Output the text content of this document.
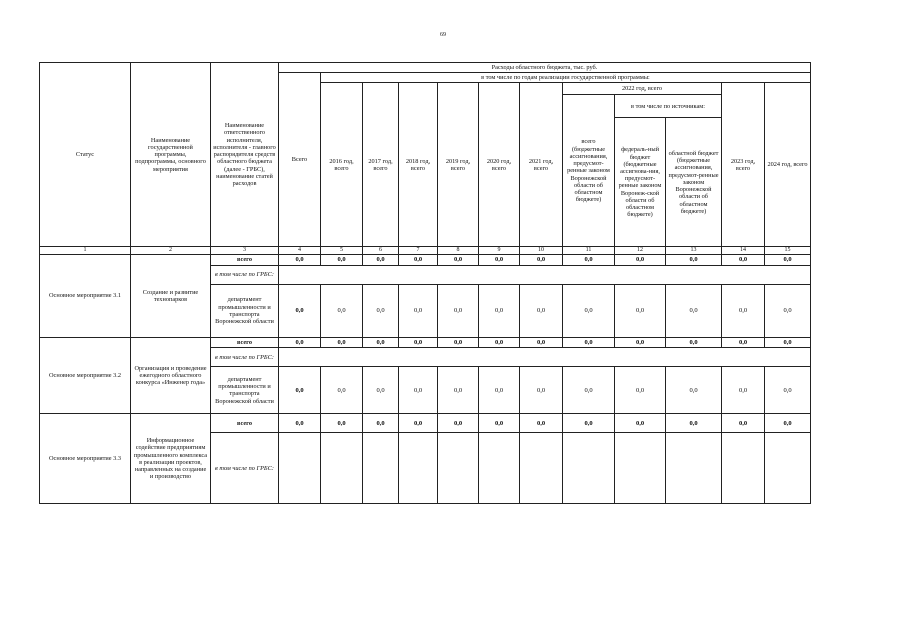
69
Статус	Наименование государственной программы, подпрограммы, основного мероприятия	Наименование ответственного исполнителя, исполнителя - главного распорядителя средств областного бюджета (далее - ГРБС), наименование статей расходов	Расходы областного бюджета, тыс. руб.											
			Всего	в том числе по годам реализации государственной программы:										
				2016 год, всего	2017 год, всего	2018 год, всего	2019 год, всего	2020 год, всего	2021 год, всего	2022 год, всего			2023 год, всего	2024 год, всего
										всего (бюджетные ассигнования, предусмот-ренные законом Воронежской области об областном бюджете)	в том числе по источникам:			
											федераль-ный бюджет (бюджетные ассигнова-ния, предусмот-ренные законом Воронеж-ской области об областном бюджете)	областной бюджет (бюджетные ассигнования, предусмот-ренные законом Воронежской области об областном бюджете)		
1	2	3	4	5	6	7	8	9	10	11	12	13	14	15
Основное мероприятие 3.1	Создание и развитие технопарков	всего	0,0	0,0	0,0	0,0	0,0	0,0	0,0	0,0	0,0	0,0	0,0	0,0
		в том числе по ГРБС:												
		департамент промышленности и транспорта Воронежской области	0,0	0,0	0,0	0,0	0,0	0,0	0,0	0,0	0,0	0,0	0,0	0,0
Основное мероприятие 3.2	Организация и проведение ежегодного областного конкурса «Инженер года»	всего	0,0	0,0	0,0	0,0	0,0	0,0	0,0	0,0	0,0	0,0	0,0	0,0
		в том числе по ГРБС:												
		департамент промышленности и транспорта Воронежской области	0,0	0,0	0,0	0,0	0,0	0,0	0,0	0,0	0,0	0,0	0,0	0,0
Основное мероприятие 3.3	Информационное содействие предприятиям промышленного комплекса в реализации проектов, направленных на создание и производство	всего	0,0	0,0	0,0	0,0	0,0	0,0	0,0	0,0	0,0	0,0	0,0	0,0
		в том числе по ГРБС:												
